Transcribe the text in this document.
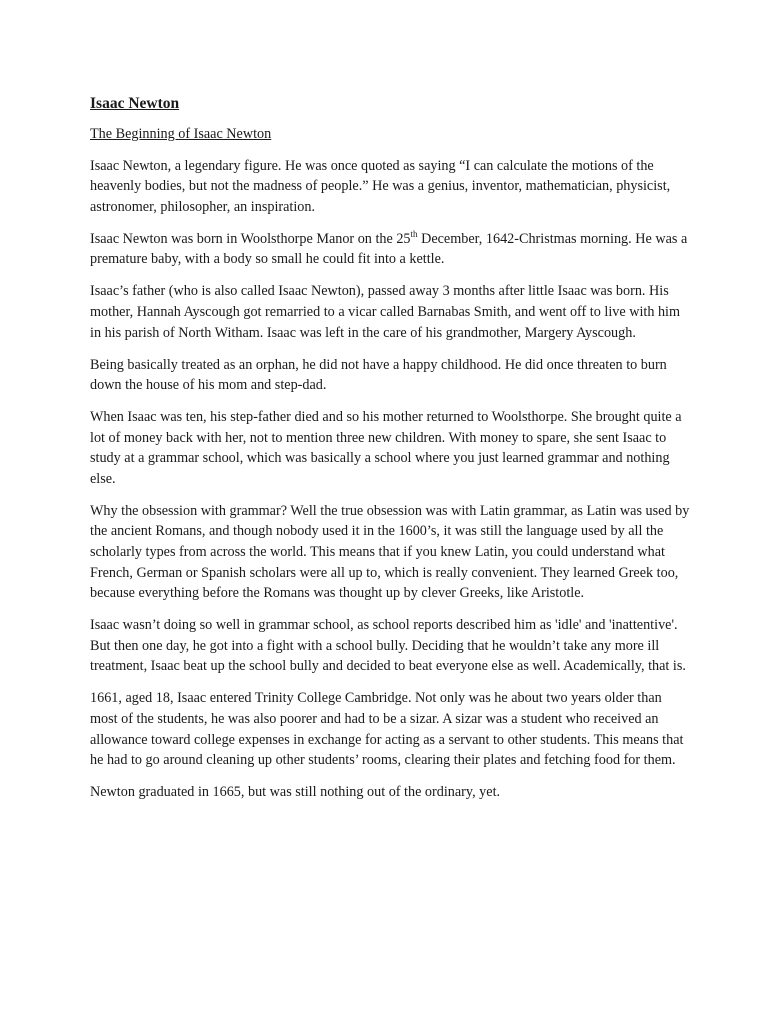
Isaac Newton
The Beginning of Isaac Newton

Isaac Newton, a legendary figure. He was once quoted as saying “I can calculate the motions of the heavenly bodies, but not the madness of people.” He was a genius, inventor, mathematician, physicist, astronomer, philosopher, an inspiration.

Isaac Newton was born in Woolsthorpe Manor on the 25th December, 1642-Christmas morning. He was a premature baby, with a body so small he could fit into a kettle.

Isaac’s father (who is also called Isaac Newton), passed away 3 months after little Isaac was born. His mother, Hannah Ayscough got remarried to a vicar called Barnabas Smith, and went off to live with him in his parish of North Witham. Isaac was left in the care of his grandmother, Margery Ayscough.

Being basically treated as an orphan, he did not have a happy childhood. He did once threaten to burn down the house of his mom and step-dad.

When Isaac was ten, his step-father died and so his mother returned to Woolsthorpe. She brought quite a lot of money back with her, not to mention three new children. With money to spare, she sent Isaac to study at a grammar school, which was basically a school where you just learned grammar and nothing else.

Why the obsession with grammar? Well the true obsession was with Latin grammar, as Latin was used by the ancient Romans, and though nobody used it in the 1600’s, it was still the language used by all the scholarly types from across the world. This means that if you knew Latin, you could understand what French, German or Spanish scholars were all up to, which is really convenient. They learned Greek too, because everything before the Romans was thought up by clever Greeks, like Aristotle.

Isaac wasn’t doing so well in grammar school, as school reports described him as 'idle' and 'inattentive'. But then one day, he got into a fight with a school bully. Deciding that he wouldn’t take any more ill treatment, Isaac beat up the school bully and decided to beat everyone else as well. Academically, that is.

1661, aged 18, Isaac entered Trinity College Cambridge. Not only was he about two years older than most of the students, he was also poorer and had to be a sizar. A sizar was a student who received an allowance toward college expenses in exchange for acting as a servant to other students. This means that he had to go around cleaning up other students’ rooms, clearing their plates and fetching food for them.

Newton graduated in 1665, but was still nothing out of the ordinary, yet.
